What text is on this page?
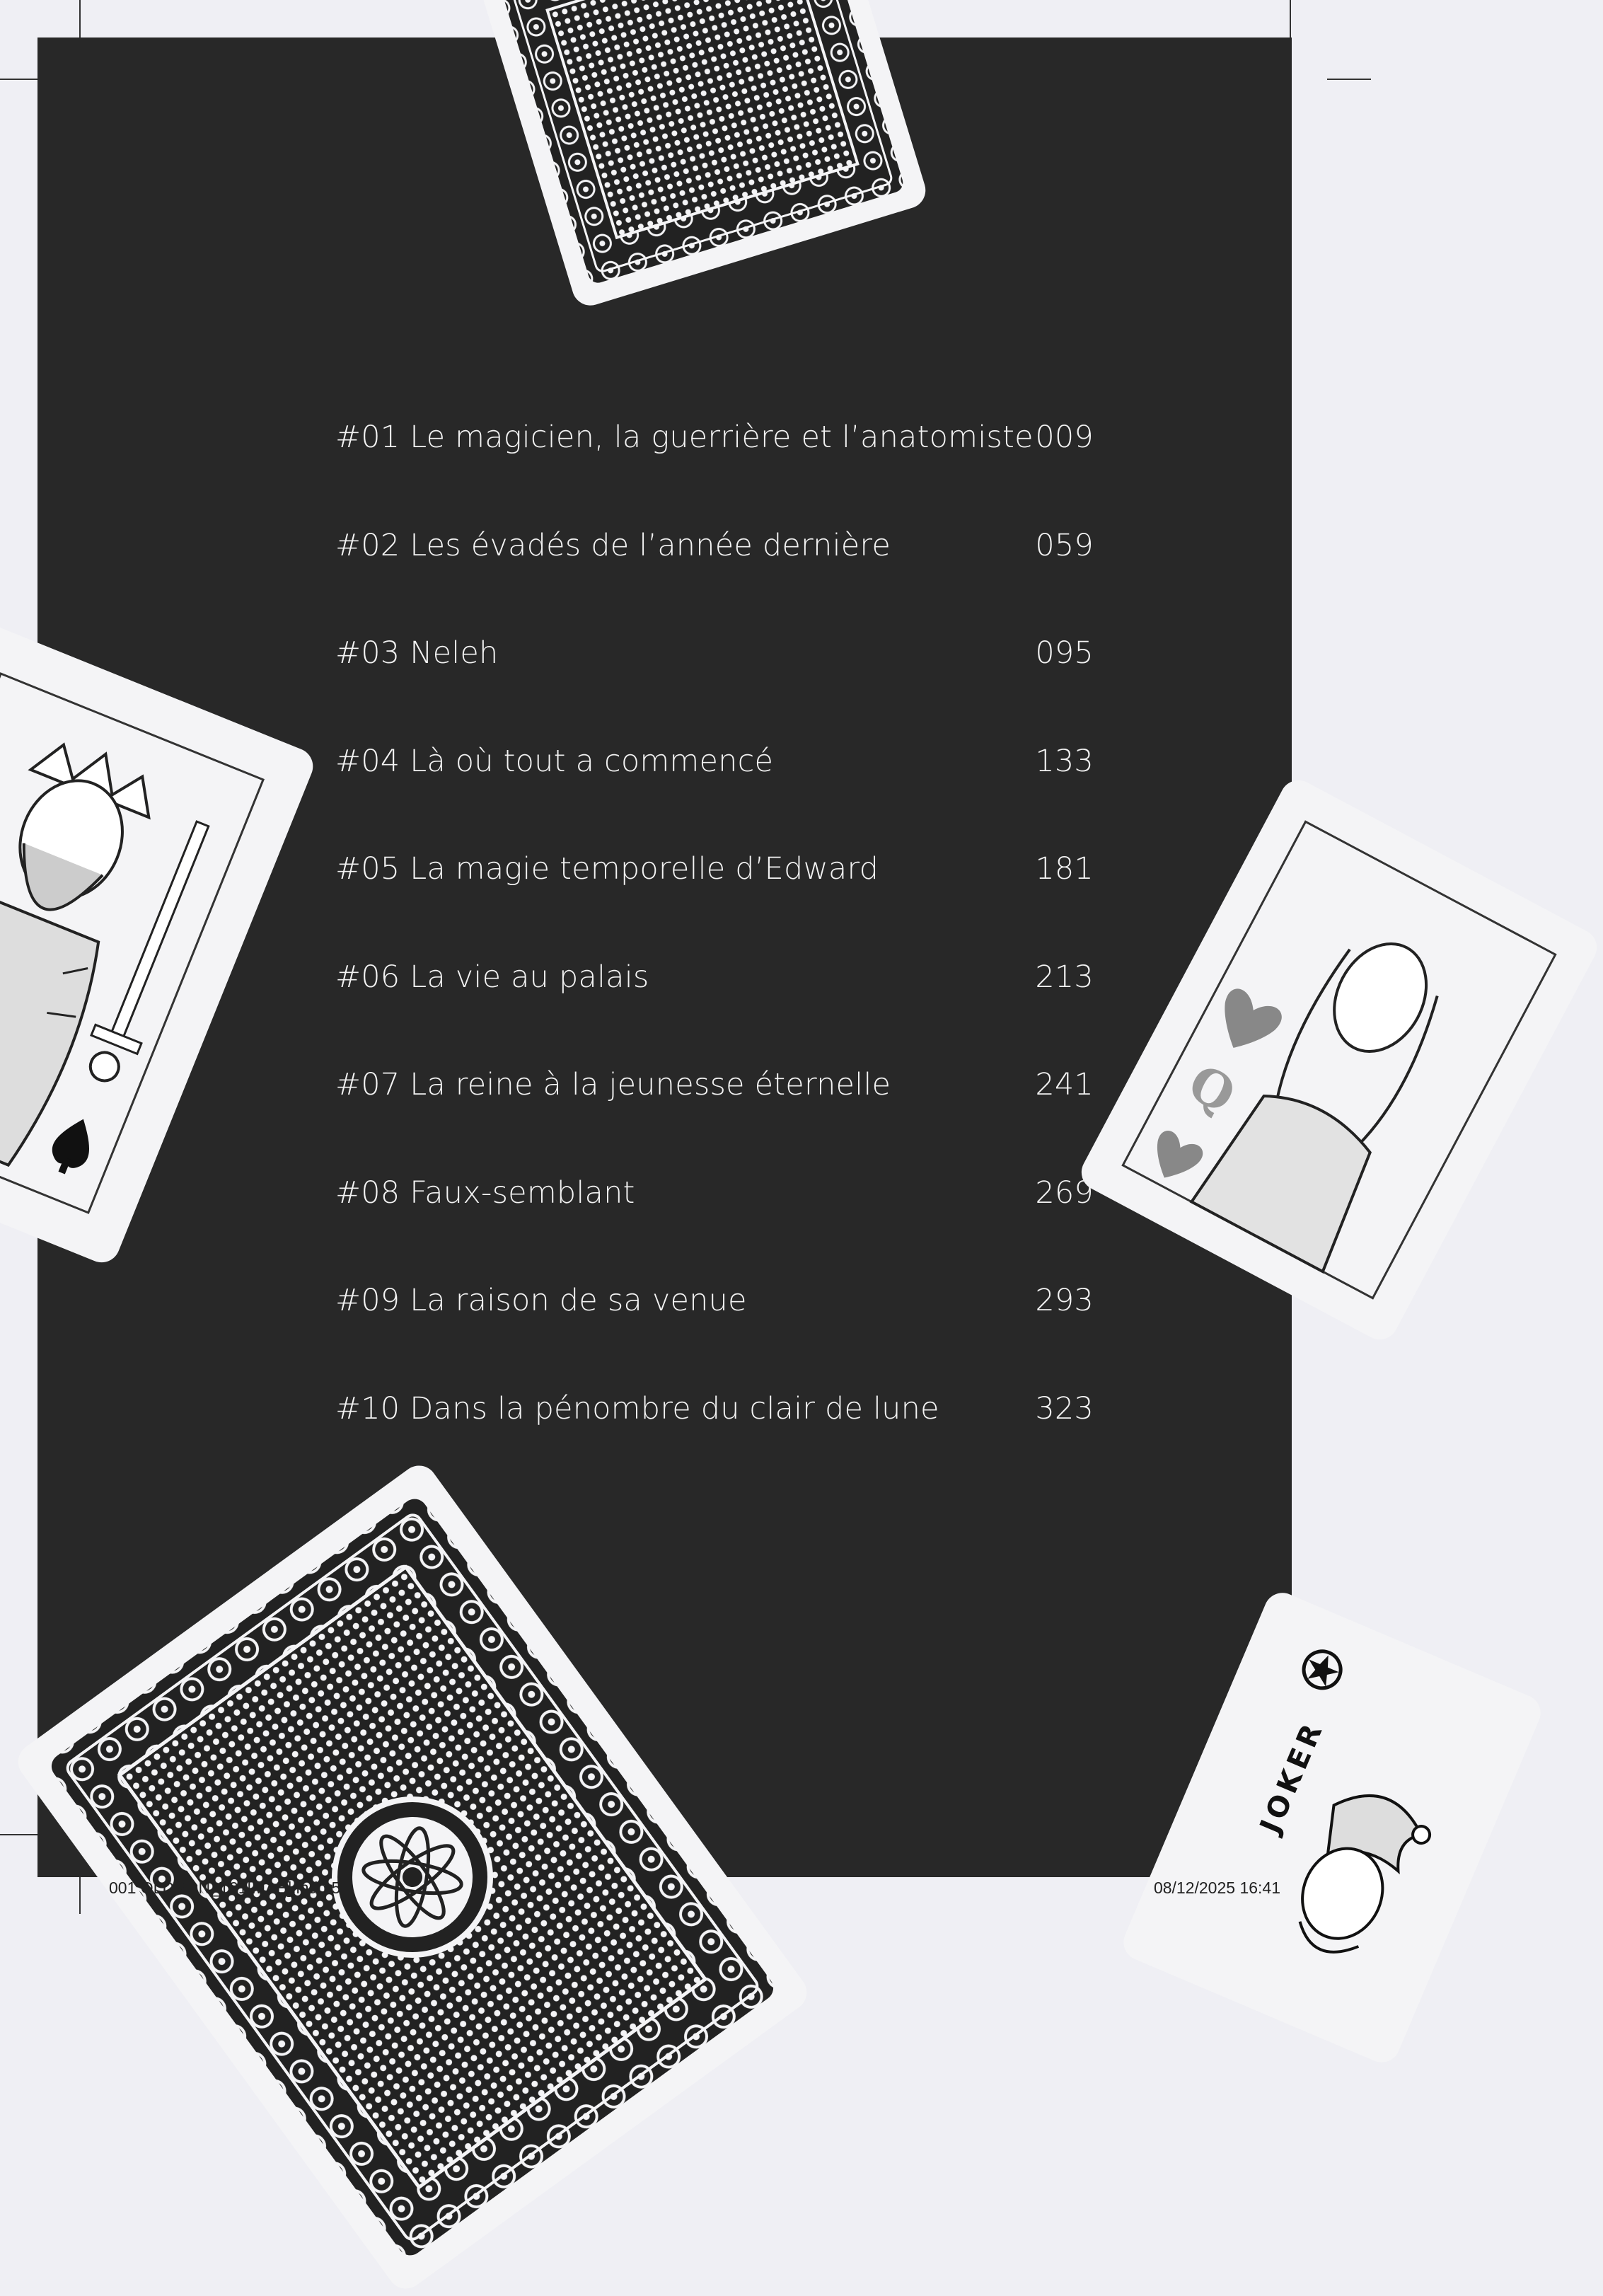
Q
JOKER
#01 Le magicien, la guerrière et l’anatomiste 009
#02 Les évadés de l’année dernière	059
#03 Neleh	095
#04 Là où tout a commencé	133
#05 La magie temporelle d’Edward	181
#06 La vie au palais	213
#07 La reine à la jeunesse éternelle	241
#08 Faux-semblant	269
#09 La raison de sa venue	293
#10 Dans la pénombre du clair de lune	323
001 OLDMAN_T01[MAE].indd 5	08/12/2025 16:41
